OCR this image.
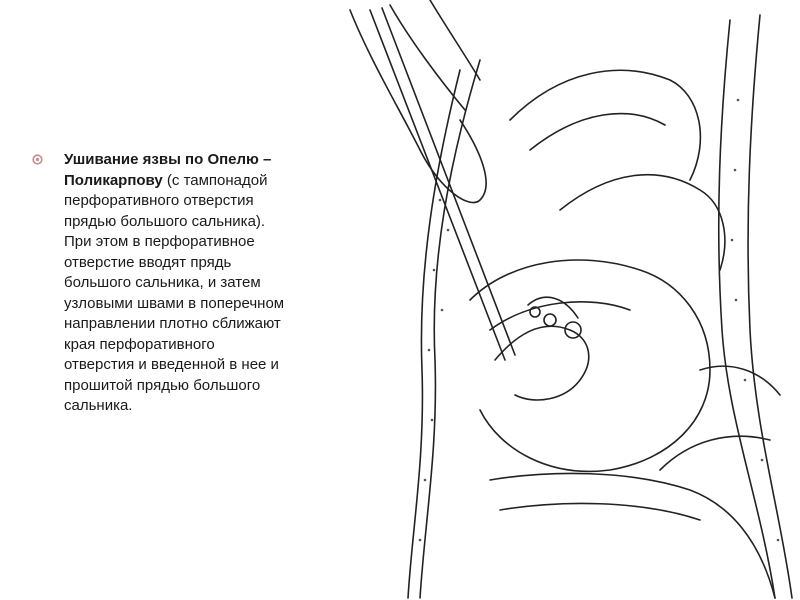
Ушивание язвы по Опелю – Поликарпову (с тампонадой перфоративного отверстия прядью большого сальника). При этом в перфоративное отверстие вводят прядь большого сальника, и затем узловыми швами в поперечном направлении плотно сближают края перфоративного отверстия и введенной в нее и прошитой прядью большого сальника.
